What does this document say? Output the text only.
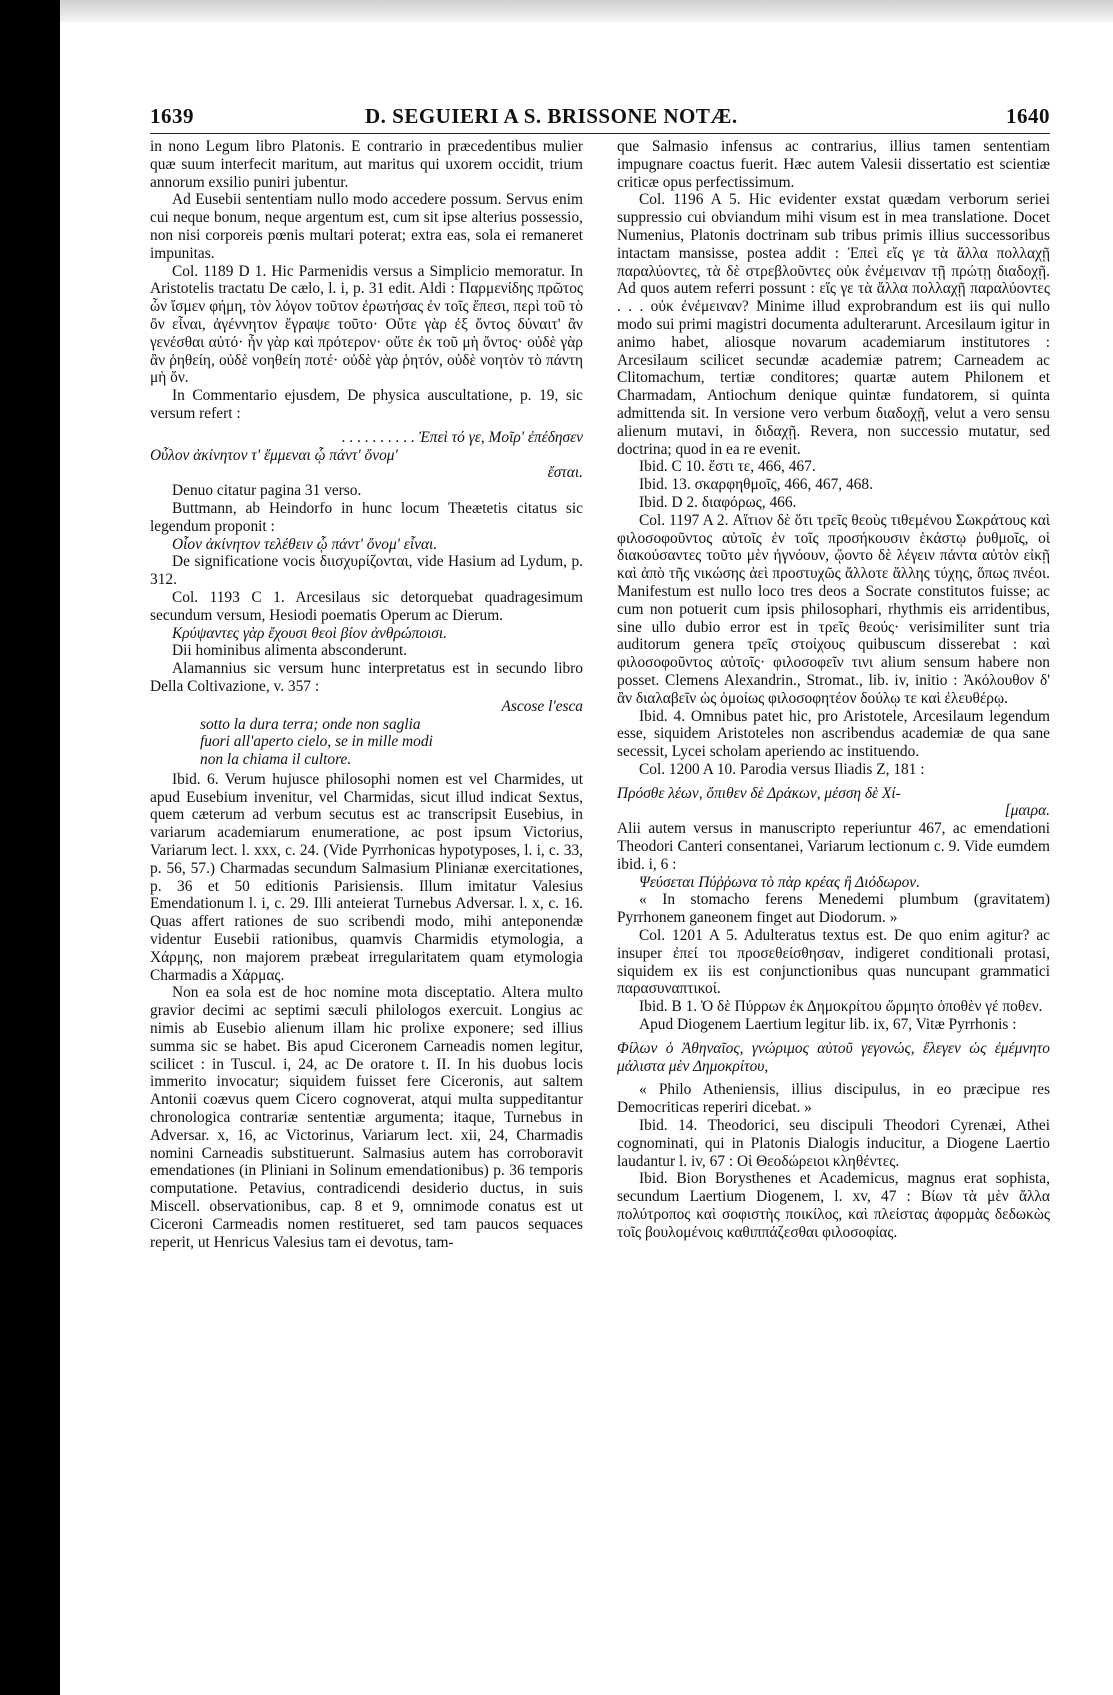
1639	D. SEGUIERI A S. BRISSONE NOTÆ.	1640

in nono Legum libro Platonis. E contrario in præcedentibus mulier quæ suum interfecit maritum, aut maritus qui uxorem occidit, trium annorum exsilio puniri jubentur.

Ad Eusebii sententiam nullo modo accedere possum. Servus enim cui neque bonum, neque argentum est, cum sit ipse alterius possessio, non nisi corporeis pœnis multari poterat; extra eas, sola ei remaneret impunitas.

Col. 1189 D 1. Hic Parmenidis versus a Simplicio memoratur. In Aristotelis tractatu De cælo, l. i, p. 31 edit. Aldi : Παρμενίδης πρῶτος ὧν ἴσμεν φήμη, τὸν λόγον τοῦτον ἐρωτήσας ἐν τοῖς ἔπεσι, περὶ τοῦ τὸ ὂν εἶναι, ἀγέννητον ἔγραψε τοῦτο· Οὔτε γὰρ ἐξ ὄντος δύναιτ' ἂν γενέσθαι αὐτό· ἦν γὰρ καὶ πρότερον· οὔτε ἐκ τοῦ μὴ ὄντος· οὐδὲ γὰρ ἂν ῥηθείη, οὐδὲ νοηθείη ποτέ· οὐδὲ γὰρ ῥητόν, οὐδὲ νοητὸν τὸ πάντη μὴ ὄν.

In Commentario ejusdem, De physica auscultatione, p. 19, sic versum refert :

. . . . . . . . . . Ἐπεὶ τό γε, Μοῖρ' ἐπέδησεν

Οὖλον ἀκίνητον τ' ἔμμεναι ᾧ πάντ' ὄνομ'

ἔσται.

Denuo citatur pagina 31 verso.

Buttmann, ab Heindorfo in hunc locum Theætetis citatus sic legendum proponit :

Οἷον ἀκίνητον τελέθειν ᾧ πάντ' ὄνομ' εἶναι.

De significatione vocis διισχυρίζονται, vide Hasium ad Lydum, p. 312.

Col. 1193 C 1. Arcesilaus sic detorquebat quadragesimum secundum versum, Hesiodi poematis Operum ac Dierum.

Κρύψαντες γὰρ ἔχουσι θεοὶ βίον ἀνθρώποισι.

Dii hominibus alimenta absconderunt.

Alamannius sic versum hunc interpretatus est in secundo libro Della Coltivazione, v. 357 :

Ascose l'esca

sotto la dura terra; onde non saglia

fuori all'aperto cielo, se in mille modi

non la chiama il cultore.

Ibid. 6. Verum hujusce philosophi nomen est vel Charmides, ut apud Eusebium invenitur, vel Charmidas, sicut illud indicat Sextus, quem cæterum ad verbum secutus est ac transcripsit Eusebius, in variarum academiarum enumeratione, ac post ipsum Victorius, Variarum lect. l. xxx, c. 24. (Vide Pyrrhonicas hypotyposes, l. i, c. 33, p. 56, 57.) Charmadas secundum Salmasium Plinianæ exercitationes, p. 36 et 50 editionis Parisiensis. Illum imitatur Valesius Emendationum l. i, c. 29. Illi anteierat Turnebus Adversar. l. x, c. 16. Quas affert rationes de suo scribendi modo, mihi anteponendæ videntur Eusebii rationibus, quamvis Charmidis etymologia, a Χάρμης, non majorem præbeat irregularitatem quam etymologia Charmadis a Χάρμας.

Non ea sola est de hoc nomine mota disceptatio. Altera multo gravior decimi ac septimi sæculi philologos exercuit. Longius ac nimis ab Eusebio alienum illam hic prolixe exponere; sed illius summa sic se habet. Bis apud Ciceronem Carneadis nomen legitur, scilicet : in Tuscul. i, 24, ac De oratore t. II. In his duobus locis immerito invocatur; siquidem fuisset fere Ciceronis, aut saltem Antonii coævus quem Cicero cognoverat, atqui multa suppeditantur chronologica contrariæ sententiæ argumenta; itaque, Turnebus in Adversar. x, 16, ac Victorinus, Variarum lect. xii, 24, Charmadis nomini Carneadis substituerunt. Salmasius autem has corroboravit emendationes (in Pliniani in Solinum emendationibus) p. 36 temporis computatione. Petavius, contradicendi desiderio ductus, in suis Miscell. observationibus, cap. 8 et 9, omnimode conatus est ut Ciceroni Carmeadis nomen restitueret, sed tam paucos sequaces reperit, ut Henricus Valesius tam ei devotus, tam-

que Salmasio infensus ac contrarius, illius tamen sententiam impugnare coactus fuerit. Hæc autem Valesii dissertatio est scientiæ criticæ opus perfectissimum.

Col. 1196 A 5. Hic evidenter exstat quædam verborum seriei suppressio cui obviandum mihi visum est in mea translatione. Docet Numenius, Platonis doctrinam sub tribus primis illius successoribus intactam mansisse, postea addit : Ἐπεὶ εἴς γε τὰ ἄλλα πολλαχῇ παραλύοντες, τὰ δὲ στρεβλοῦντες οὐκ ἐνέμειναν τῇ πρώτῃ διαδοχῇ. Ad quos autem referri possunt : εἴς γε τὰ ἄλλα πολλαχῇ παραλύοντες . . . οὐκ ἐνέμειναν? Minime illud exprobrandum est iis qui nullo modo sui primi magistri documenta adulterarunt. Arcesilaum igitur in animo habet, aliosque novarum academiarum institutores : Arcesilaum scilicet secundæ academiæ patrem; Carneadem ac Clitomachum, tertiæ conditores; quartæ autem Philonem et Charmadam, Antiochum denique quintæ fundatorem, si quinta admittenda sit. In versione vero verbum διαδοχῇ, velut a vero sensu alienum mutavi, in διδαχῇ. Revera, non successio mutatur, sed doctrina; quod in ea re evenit.

Ibid. C 10. ἔστι τε, 466, 467.

Ibid. 13. σκαρφηθμοῖς, 466, 467, 468.

Ibid. D 2. διαφόρως, 466.

Col. 1197 A 2. Αἴτιον δὲ ὅτι τρεῖς θεοὺς τιθεμένου Σωκράτους καὶ φιλοσοφοῦντος αὐτοῖς ἐν τοῖς προσήκουσιν ἑκάστῳ ῥυθμοῖς, οἱ διακούσαντες τοῦτο μὲν ἠγνόουν, ᾤοντο δὲ λέγειν πάντα αὐτὸν εἰκῇ καὶ ἀπὸ τῆς νικώσης ἀεὶ προστυχῶς ἄλλοτε ἄλλης τύχης, ὅπως πνέοι. Manifestum est nullo loco tres deos a Socrate constitutos fuisse; ac cum non potuerit cum ipsis philosophari, rhythmis eis arridentibus, sine ullo dubio error est in τρεῖς θεούς· verisimiliter sunt tria auditorum genera τρεῖς στοίχους quibuscum disserebat : καὶ φιλοσοφοῦντος αὐτοῖς· φιλοσοφεῖν τινι alium sensum habere non posset. Clemens Alexandrin., Stromat., lib. iv, initio : Ἀκόλουθον δ' ἂν διαλαβεῖν ὡς ὁμοίως φιλοσοφητέον δούλῳ τε καὶ ἐλευθέρῳ.

Ibid. 4. Omnibus patet hic, pro Aristotele, Arcesilaum legendum esse, siquidem Aristoteles non ascribendus academiæ de qua sane secessit, Lycei scholam aperiendo ac instituendo.

Col. 1200 A 10. Parodia versus Iliadis Z, 181 :

Πρόσθε λέων, ὄπιθεν δὲ Δράκων, μέσση δὲ Χί-

[μαιρα.

Alii autem versus in manuscripto reperiuntur 467, ac emendationi Theodori Canteri consentanei, Variarum lectionum c. 9. Vide eumdem ibid. i, 6 :

Ψεύσεται Πύῤῥωνα τὸ πὰρ κρέας ἢ Διόδωρον.

« In stomacho ferens Menedemi plumbum (gravitatem) Pyrrhonem ganeonem finget aut Diodorum. »

Col. 1201 A 5. Adulteratus textus est. De quo enim agitur? ac insuper ἐπεί τοι προσεθείσθησαν, indigeret conditionali protasi, siquidem ex iis est conjunctionibus quas nuncupant grammatici παρασυναπτικοί.

Ibid. B 1. Ὁ δὲ Πύρρων ἐκ Δημοκρίτου ὥρμητο ὁποθὲν γέ ποθεν.

Apud Diogenem Laertium legitur lib. ix, 67, Vitæ Pyrrhonis :

Φίλων ὁ Ἀθηναῖος, γνώριμος αὐτοῦ γεγονώς, ἔλεγεν ὡς ἐμέμνητο μάλιστα μὲν Δημοκρίτου,

« Philo Atheniensis, illius discipulus, in eo præcipue res Democriticas reperiri dicebat. »

Ibid. 14. Theodorici, seu discipuli Theodori Cyrenæi, Athei cognominati, qui in Platonis Dialogis inducitur, a Diogene Laertio laudantur l. iv, 67 : Οἱ Θεοδώρειοι κληθέντες.

Ibid. Bion Borysthenes et Academicus, magnus erat sophista, secundum Laertium Diogenem, l. xv, 47 : Βίων τὰ μὲν ἄλλα πολύτροπος καὶ σοφιστὴς ποικίλος, καὶ πλείστας ἀφορμὰς δεδωκὼς τοῖς βουλομένοις καθιππάζεσθαι φιλοσοφίας.
